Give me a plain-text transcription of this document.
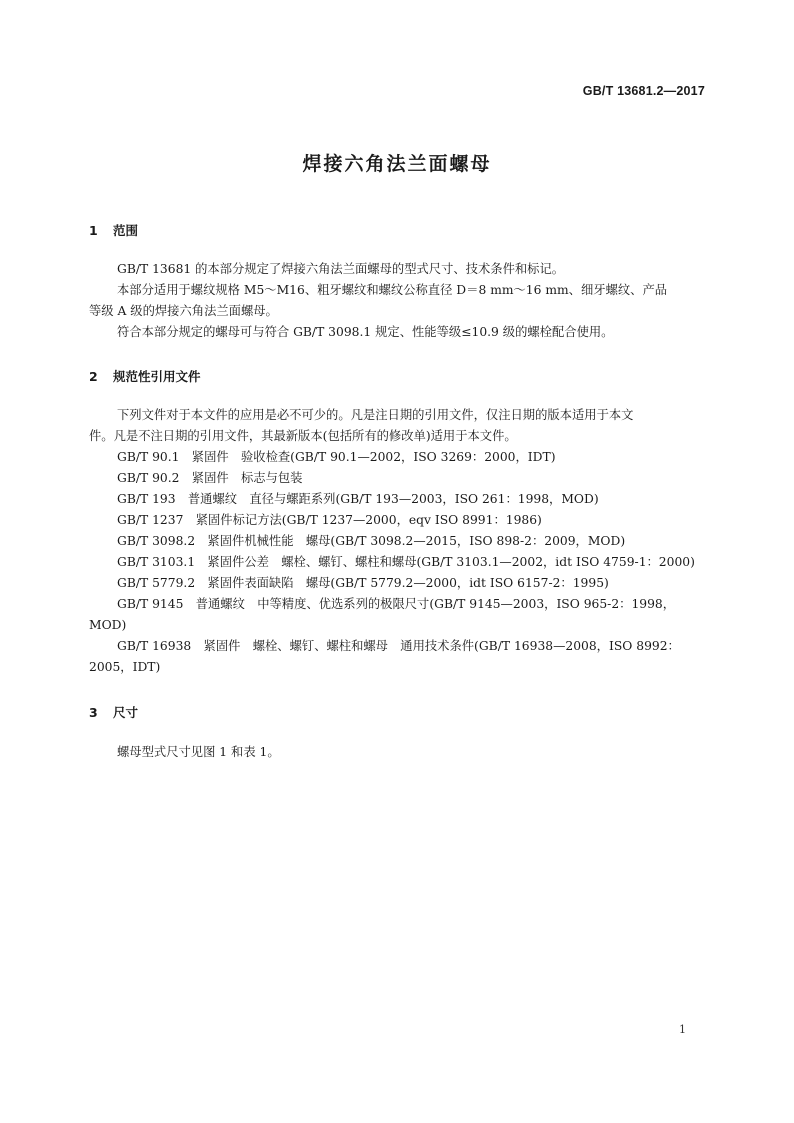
GB/T 13681.2—2017
焊接六角法兰面螺母
1 范围
GB/T 13681 的本部分规定了焊接六角法兰面螺母的型式尺寸、技术条件和标记。
本部分适用于螺纹规格 M5～M16、粗牙螺纹和螺纹公称直径 D＝8 mm～16 mm、细牙螺纹、产品
等级 A 级的焊接六角法兰面螺母。
符合本部分规定的螺母可与符合 GB/T 3098.1 规定、性能等级≤10.9 级的螺栓配合使用。
2 规范性引用文件
下列文件对于本文件的应用是必不可少的。凡是注日期的引用文件，仅注日期的版本适用于本文
件。凡是不注日期的引用文件，其最新版本(包括所有的修改单)适用于本文件。
GB/T 90.1　紧固件　验收检查(GB/T 90.1—2002，ISO 3269：2000，IDT)
GB/T 90.2　紧固件　标志与包装
GB/T 193　普通螺纹　直径与螺距系列(GB/T 193—2003，ISO 261：1998，MOD)
GB/T 1237　紧固件标记方法(GB/T 1237—2000，eqv ISO 8991：1986)
GB/T 3098.2　紧固件机械性能　螺母(GB/T 3098.2—2015，ISO 898-2：2009，MOD)
GB/T 3103.1　紧固件公差　螺栓、螺钉、螺柱和螺母(GB/T 3103.1—2002，idt ISO 4759-1：2000)
GB/T 5779.2　紧固件表面缺陷　螺母(GB/T 5779.2—2000，idt ISO 6157-2：1995)
GB/T 9145　普通螺纹　中等精度、优选系列的极限尺寸(GB/T 9145—2003，ISO 965-2：1998，
MOD)
GB/T 16938　紧固件　螺栓、螺钉、螺柱和螺母　通用技术条件(GB/T 16938—2008，ISO 8992：
2005，IDT)
3 尺寸
螺母型式尺寸见图 1 和表 1。
1
